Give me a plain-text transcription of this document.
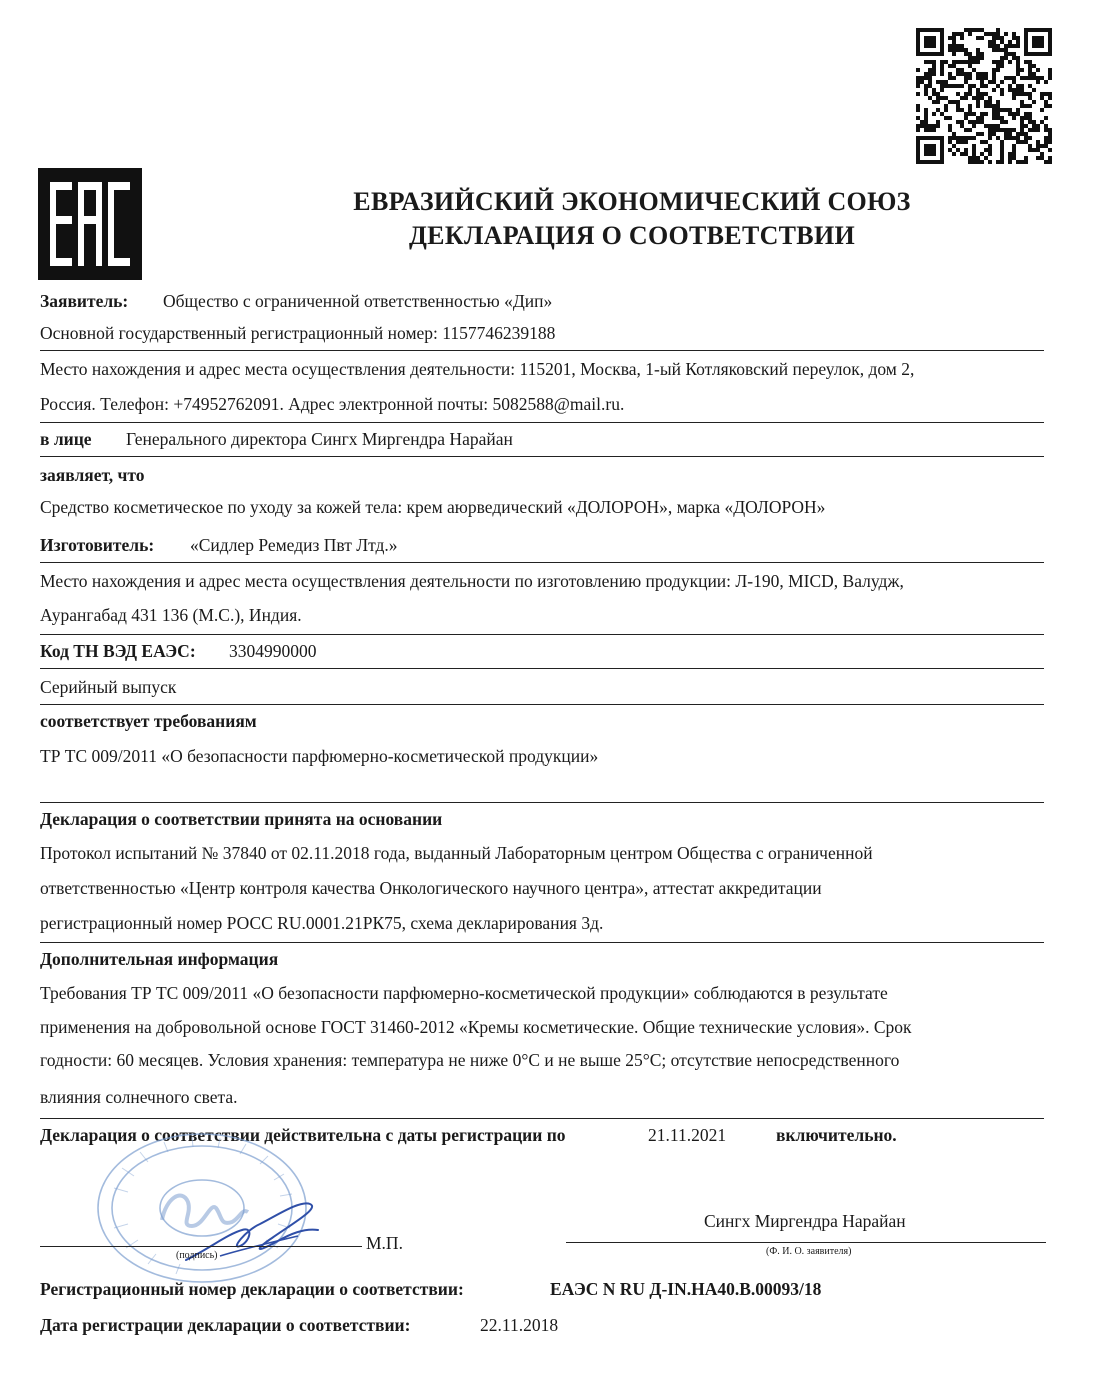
ЕВРАЗИЙСКИЙ ЭКОНОМИЧЕСКИЙ СОЮЗ
ДЕКЛАРАЦИЯ О СООТВЕТСТВИИ
Заявитель: Общество с ограниченной ответственностью «Дип»
Основной государственный регистрационный номер: 1157746239188
Место нахождения и адрес места осуществления деятельности: 115201, Москва, 1-ый Котляковский переулок, дом 2,
Россия. Телефон: +74952762091. Адрес электронной почты: 5082588@mail.ru.
в лице Генерального директора Сингх Миргендра Нарайан
заявляет, что
Средство косметическое по уходу за кожей тела: крем аюрведический «ДОЛОРОН», марка «ДОЛОРОН»
Изготовитель: «Сидлер Ремедиз Пвт Лтд.»
Место нахождения и адрес места осуществления деятельности по изготовлению продукции: Л-190, MICD, Валудж,
Аурангабад 431 136 (М.С.), Индия.
Код ТН ВЭД ЕАЭС: 3304990000
Серийный выпуск
соответствует требованиям
ТР ТС 009/2011 «О безопасности парфюмерно-косметической продукции»
Декларация о соответствии принята на основании
Протокол испытаний № 37840 от 02.11.2018 года, выданный Лабораторным центром Общества с ограниченной
ответственностью «Центр контроля качества Онкологического научного центра», аттестат аккредитации
регистрационный номер РОСС RU.0001.21РК75, схема декларирования 3д.
Дополнительная информация
Требования ТР ТС 009/2011 «О безопасности парфюмерно-косметической продукции» соблюдаются в результате
применения на добровольной основе ГОСТ 31460-2012 «Кремы косметические. Общие технические условия». Срок
годности: 60 месяцев. Условия хранения: температура не ниже 0°С и не выше 25°С; отсутствие непосредственного
влияния солнечного света.
Декларация о соответствии действительна с даты регистрации по	21.11.2021	включительно.
М.П.
(подпись)
Сингх Миргендра Нарайан
(Ф. И. О. заявителя)
Регистрационный номер декларации о соответствии:	ЕАЭС N RU Д-IN.НА40.В.00093/18
Дата регистрации декларации о соответствии:	22.11.2018
